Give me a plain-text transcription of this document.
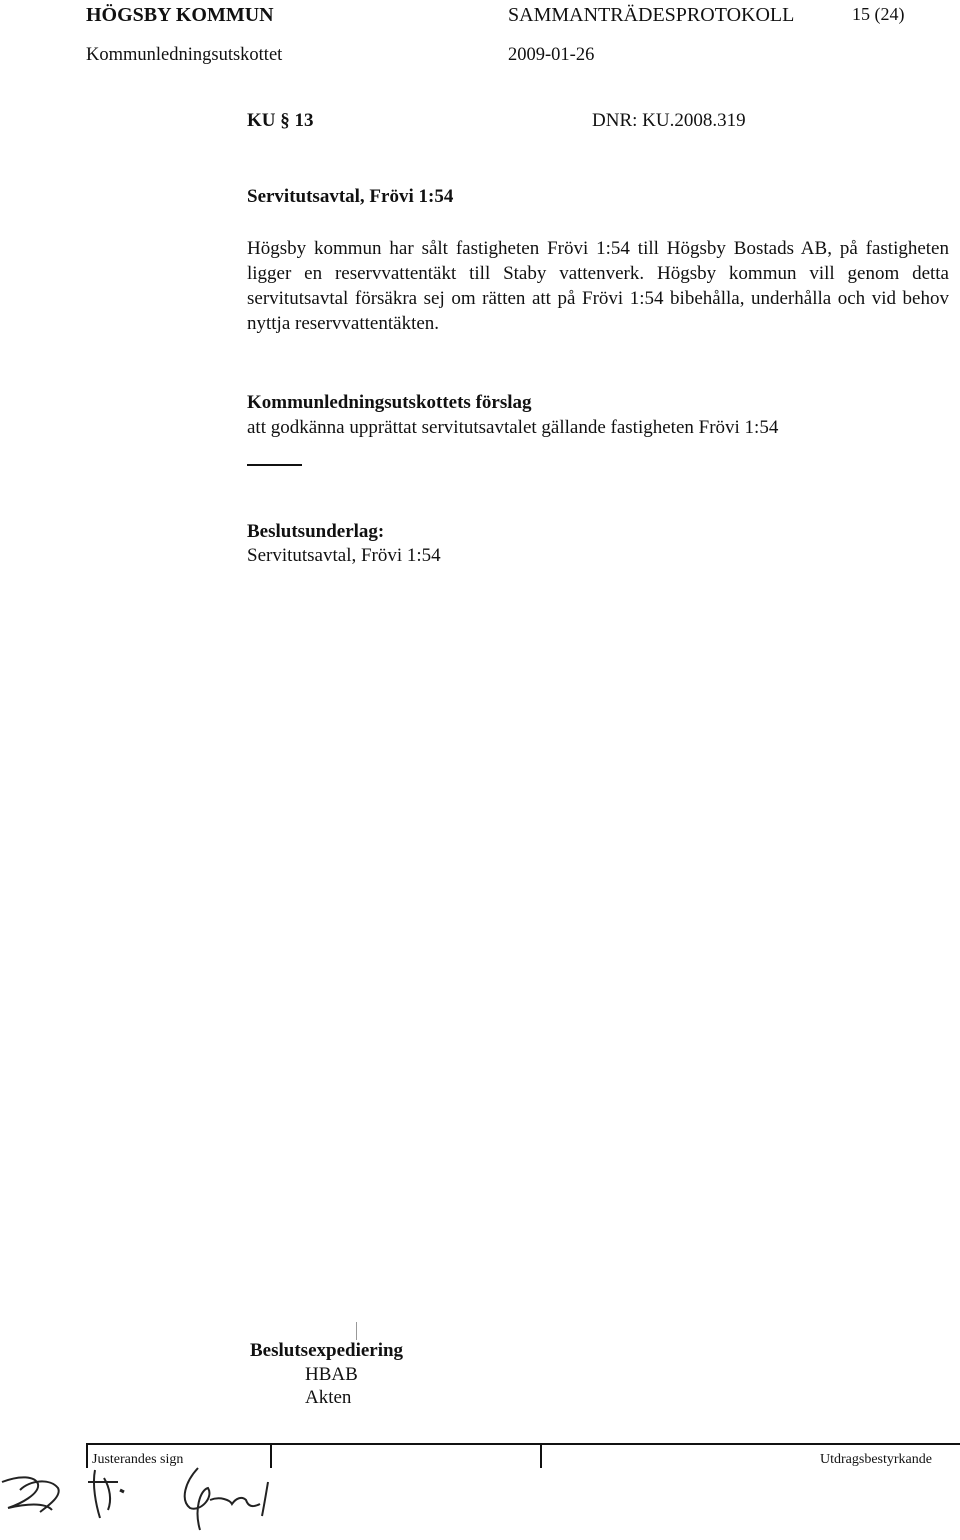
HÖGSBY KOMMUN	SAMMANTRÄDESPROTOKOLL	15 (24)
Kommunledningsutskottet	2009-01-26
KU § 13	DNR: KU.2008.319
Servitutsavtal, Frövi 1:54

Högsby kommun har sålt fastigheten Frövi 1:54 till Högsby Bostads AB, på fastigheten ligger en reservvattentäkt till Staby vattenverk. Högsby kommun vill genom detta servitutsavtal försäkra sej om rätten att på Frövi 1:54 bibehålla, underhålla och vid behov nyttja reservvattentäkten.

Kommunledningsutskottets förslag
att godkänna upprättat servitutsavtalet gällande fastigheten Frövi 1:54
Beslutsunderlag:
Servitutsavtal, Frövi 1:54
Beslutsexpediering
HBAB
Akten
Justerandes sign	Utdragsbestyrkande
